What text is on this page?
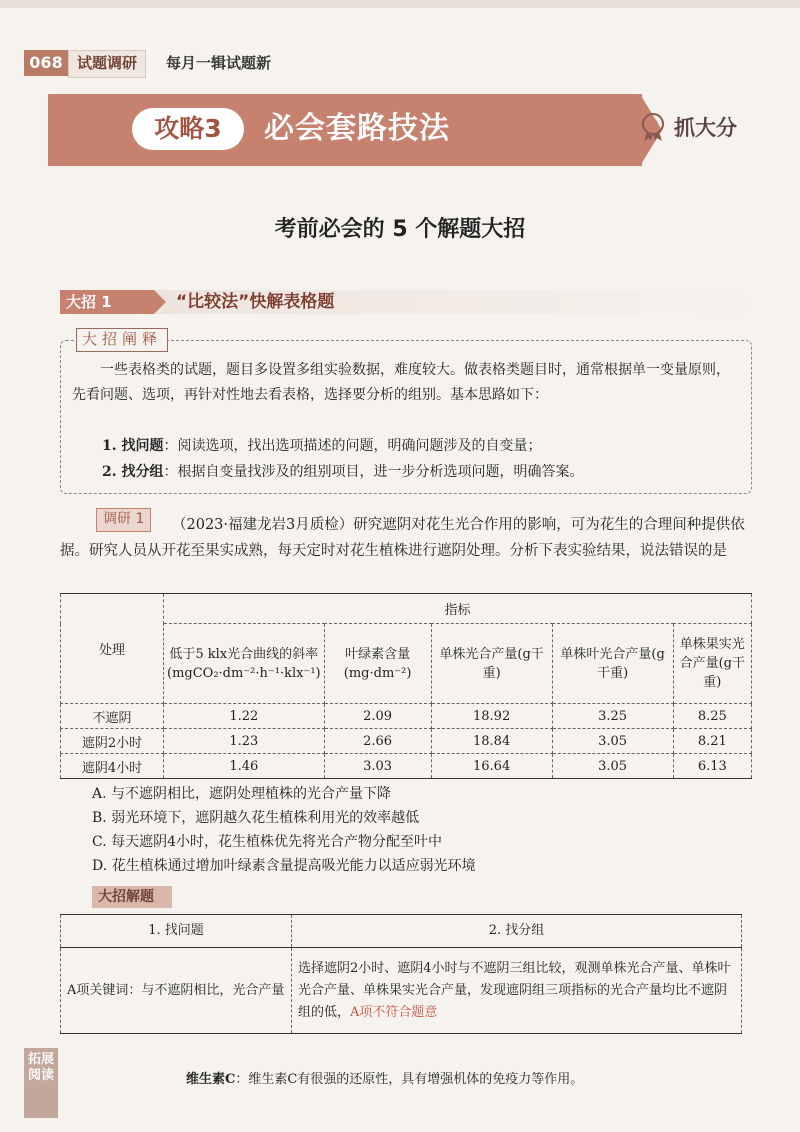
068 试题调研	每月一辑试题新
攻略3	必会套路技法	抓大分
考前必会的 5 个解题大招
大招 1	“比较法”快解表格题
大招阐释
一些表格类的试题，题目多设置多组实验数据，难度较大。做表格类题目时，通常根据单一变量原则，先看问题、选项，再针对性地去看表格，选择要分析的组别。基本思路如下：
1. 找问题：阅读选项，找出选项描述的问题，明确问题涉及的自变量；
2. 找分组：根据自变量找涉及的组别项目，进一步分析选项问题，明确答案。
调研 1	（2023·福建龙岩3月质检）研究遮阴对花生光合作用的影响，可为花生的合理间种提供依据。研究人员从开花至果实成熟，每天定时对花生植株进行遮阴处理。分析下表实验结果，说法错误的是
处理	指标				
	低于5 klx光合曲线的斜率(mgCO₂·dm⁻²·h⁻¹·klx⁻¹)	叶绿素含量(mg·dm⁻²)	单株光合产量(g干重)	单株叶光合产量(g干重)	单株果实光合产量(g干重)
不遮阴	1.22	2.09	18.92	3.25	8.25
遮阴2小时	1.23	2.66	18.84	3.05	8.21
遮阴4小时	1.46	3.03	16.64	3.05	6.13
A. 与不遮阴相比，遮阴处理植株的光合产量下降
B. 弱光环境下，遮阴越久花生植株利用光的效率越低
C. 每天遮阴4小时，花生植株优先将光合产物分配至叶中
D. 花生植株通过增加叶绿素含量提高吸光能力以适应弱光环境
大招解题
1. 找问题	2. 找分组
A项关键词：与不遮阴相比，光合产量	选择遮阴2小时、遮阴4小时与不遮阴三组比较，观测单株光合产量、单株叶光合产量、单株果实光合产量，发现遮阴组三项指标的光合产量均比不遮阴组的低，A项不符合题意
拓展阅读	维生素C：维生素C有很强的还原性，具有增强机体的免疫力等作用。
